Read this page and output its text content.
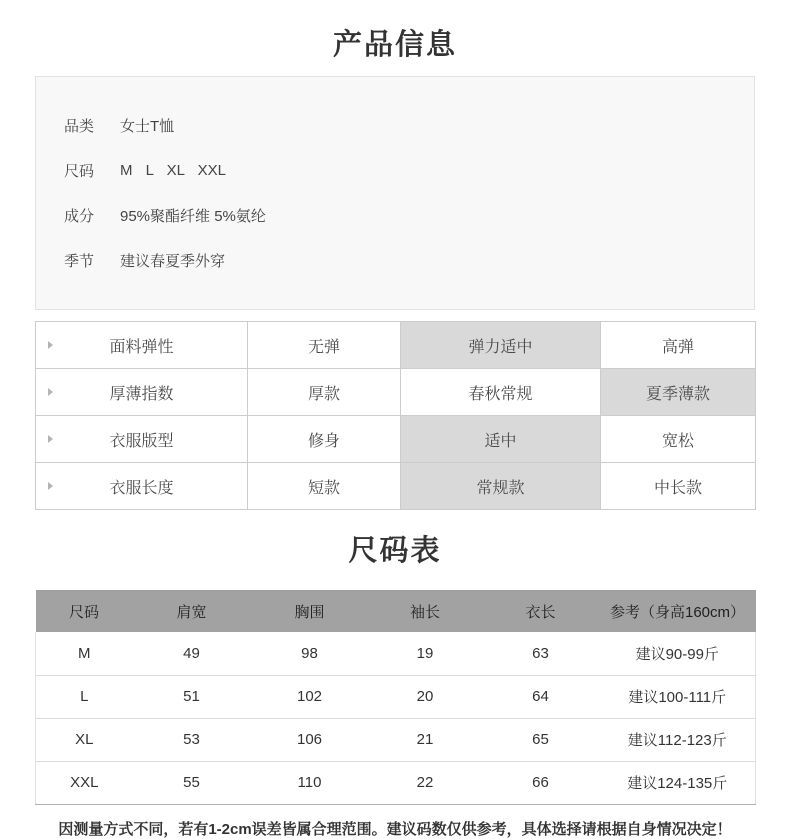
产品信息
品类 女士T恤
尺码 M L XL XXL
成分 95%聚酯纤维 5%氨纶
季节 建议春夏季外穿
面料弹性	无弹	弹力适中	高弹

厚薄指数	厚款	春秋常规	夏季薄款

衣服版型	修身	适中	宽松

衣服长度	短款	常规款	中长款
尺码表
尺码	肩宽	胸围	袖长	衣长	参考（身高160cm）
M	49	98	19	63	建议90-99斤
L	51	102	20	64	建议100-111斤
XL	53	106	21	65	建议112-123斤
XXL	55	110	22	66	建议124-135斤
因测量方式不同，若有1-2cm误差皆属合理范围。建议码数仅供参考，具体选择请根据自身情况决定！
